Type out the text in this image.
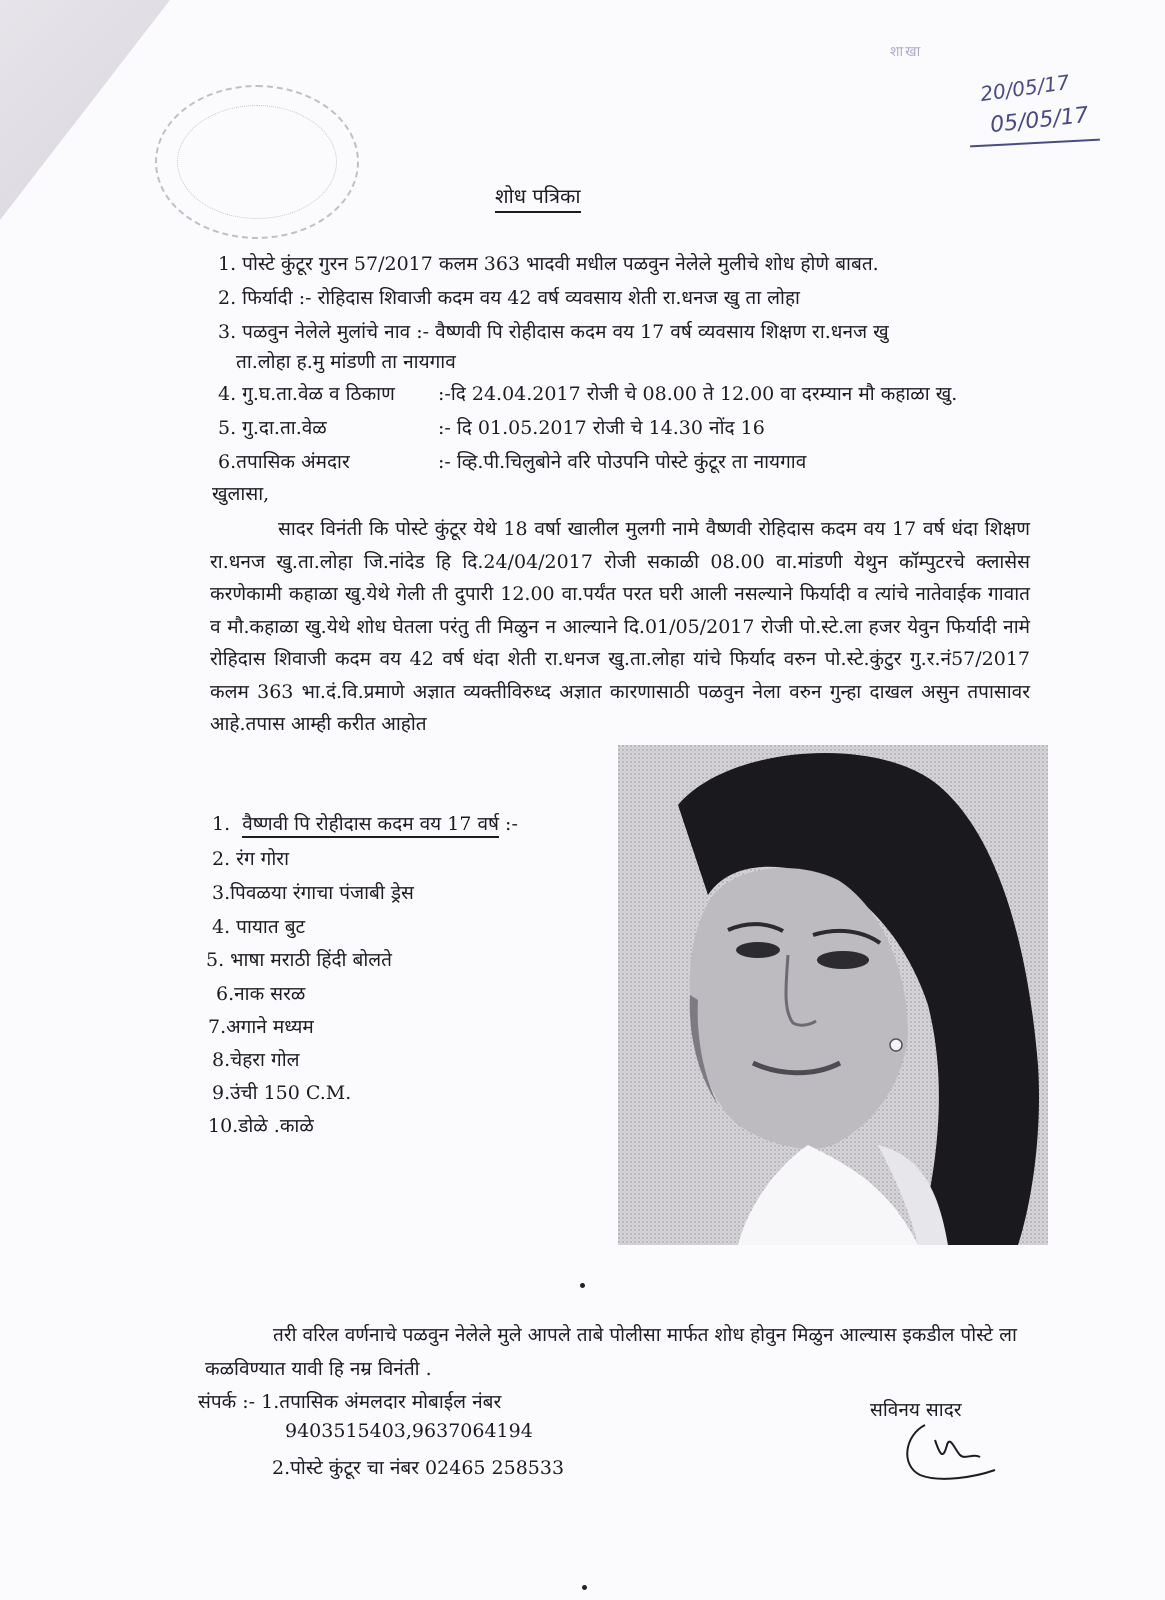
शाखा
20/05/17
05/05/17
शोध पत्रिका
1. पोस्टे कुंटूर गुरन 57/2017 कलम 363 भादवी मधील पळवुन नेलेले मुलीचे शोध होणे बाबत.
2. फिर्यादी :- रोहिदास शिवाजी कदम वय 42 वर्ष व्यवसाय शेती रा.धनज खु ता लोहा
3. पळवुन नेलेले मुलांचे नाव :- वैष्णवी पि रोहीदास कदम वय 17 वर्ष व्यवसाय शिक्षण रा.धनज खु
ता.लोहा ह.मु मांडणी ता नायगाव
4. गु.घ.ता.वेळ व ठिकाण :-दि 24.04.2017 रोजी चे 08.00 ते 12.00 वा दरम्यान मौ कहाळा खु.
5. गु.दा.ता.वेळ	:- दि 01.05.2017 रोजी चे 14.30 नोंद 16
6.तपासिक अंमदार	:- व्हि.पी.चिलुबोने वरि पोउपनि पोस्टे कुंटूर ता नायगाव
खुलासा,
सादर विनंती कि पोस्टे कुंटूर येथे 18 वर्षा खालील मुलगी नामे वैष्णवी रोहिदास कदम वय 17 वर्ष धंदा शिक्षण रा.धनज खु.ता.लोहा जि.नांदेड हि दि.24/04/2017 रोजी सकाळी 08.00 वा.मांडणी येथुन कॉम्पुटरचे क्लासेस करणेकामी कहाळा खु.येथे गेली ती दुपारी 12.00 वा.पर्यंत परत घरी आली नसल्याने फिर्यादी व त्यांचे नातेवाईक गावात व मौ.कहाळा खु.येथे शोध घेतला परंतु ती मिळुन न आल्याने दि.01/05/2017 रोजी पो.स्टे.ला हजर येवुन फिर्यादी नामे रोहिदास शिवाजी कदम वय 42 वर्ष धंदा शेती रा.धनज खु.ता.लोहा यांचे फिर्याद वरुन पो.स्टे.कुंटुर गु.र.नं57/2017 कलम 363 भा.दं.वि.प्रमाणे अज्ञात व्यक्तीविरुध्द अज्ञात कारणासाठी पळवुन नेला वरुन गुन्हा दाखल असुन तपासावर आहे.तपास आम्ही करीत आहोत
1. वैष्णवी पि रोहीदास कदम वय 17 वर्ष :-
2. रंग गोरा
3.पिवळया रंगाचा पंजाबी ड्रेस
4. पायात बुट
5. भाषा मराठी हिंदी बोलते
6.नाक सरळ
7.अगाने मध्यम
8.चेहरा गोल
9.उंची 150 C.M.
10.डोळे .काळे
तरी वरिल वर्णनाचे पळवुन नेलेले मुले आपले ताबे पोलीसा मार्फत शोध होवुन मिळुन आल्यास इकडील पोस्टे ला कळविण्यात यावी हि नम्र विनंती .
संपर्क :- 1.तपासिक अंमलदार मोबाईल नंबर
9403515403,9637064194
2.पोस्टे कुंटूर चा नंबर 02465 258533
सविनय सादर
